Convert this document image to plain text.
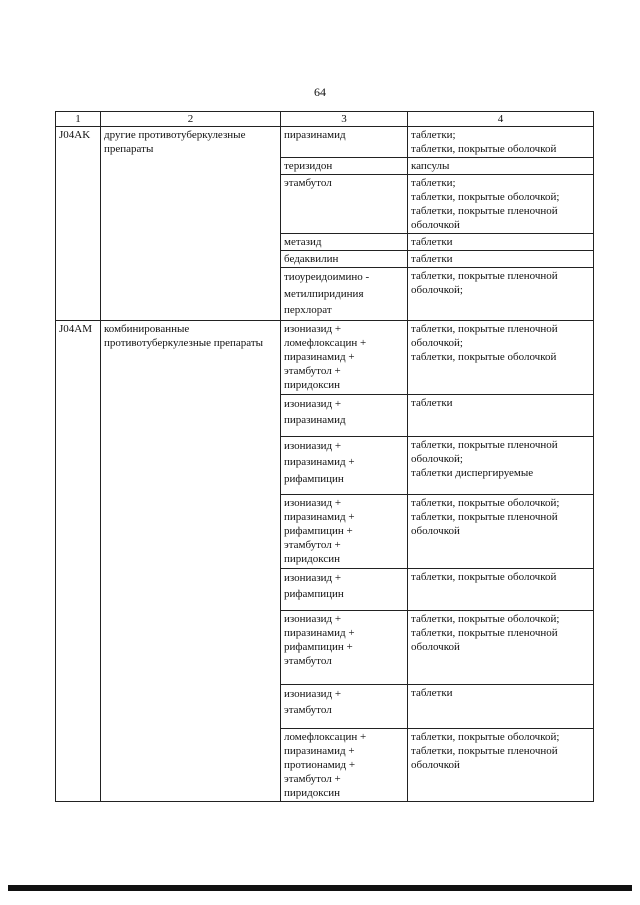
64
1	2	3	4
J04AK	другие противотуберкулезные препараты	пиразинамид	таблетки;
таблетки, покрытые оболочкой
		теризидон	капсулы
		этамбутол	таблетки;
таблетки, покрытые оболочкой;
таблетки, покрытые пленочной
оболочкой
		метазид	таблетки
		бедаквилин	таблетки
		тиоуреидоимино -
метилпиридиния
перхлорат	таблетки, покрытые пленочной
оболочкой;
J04AM	комбинированные противотуберкулезные препараты	изониазид +
ломефлоксацин +
пиразинамид +
этамбутол +
пиридоксин	таблетки, покрытые пленочной
оболочкой;
таблетки, покрытые оболочкой
		изониазид +
пиразинамид	таблетки
		изониазид +
пиразинамид +
рифампицин	таблетки, покрытые пленочной
оболочкой;
таблетки диспергируемые
		изониазид +
пиразинамид +
рифампицин +
этамбутол +
пиридоксин	таблетки, покрытые оболочкой;
таблетки, покрытые пленочной
оболочкой
		изониазид +
рифампицин	таблетки, покрытые оболочкой
		изониазид +
пиразинамид +
рифампицин +
этамбутол	таблетки, покрытые оболочкой;
таблетки, покрытые пленочной
оболочкой
		изониазид +
этамбутол	таблетки
		ломефлоксацин +
пиразинамид +
протионамид +
этамбутол +
пиридоксин	таблетки, покрытые оболочкой;
таблетки, покрытые пленочной
оболочкой
